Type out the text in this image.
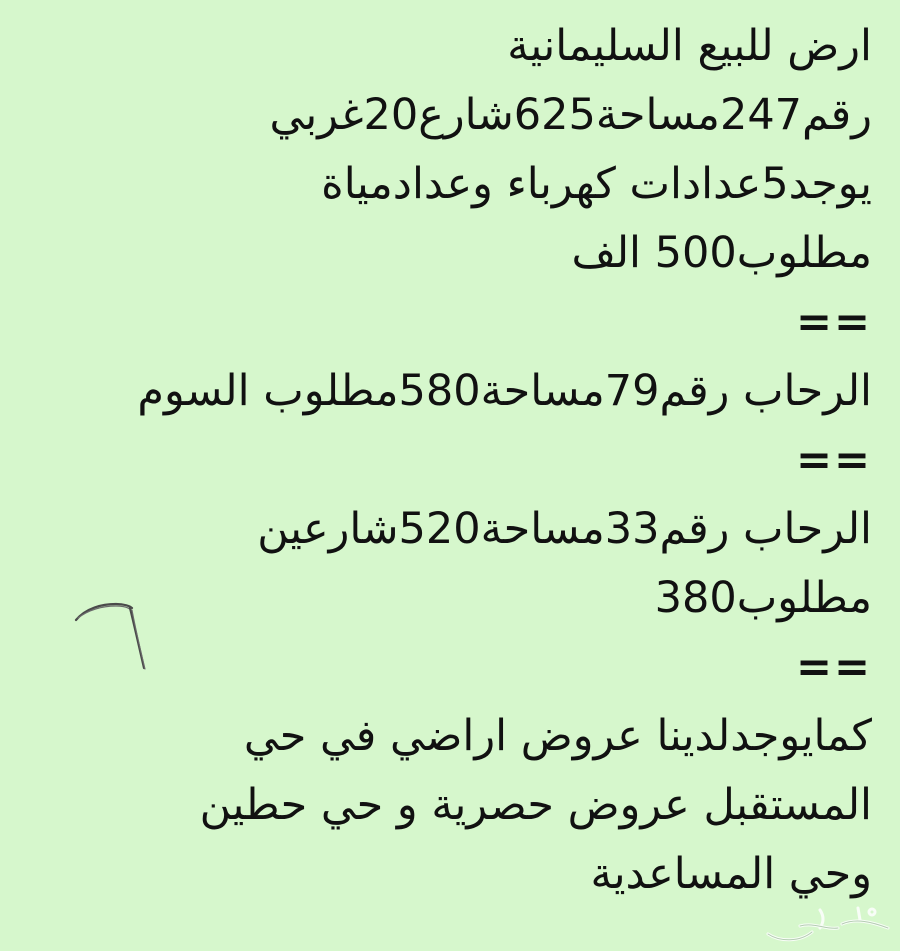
ارض للبيع السليمانية
رقم247مساحة625شارع20غربي
يوجد5عدادات كهرباء وعدادمياة
مطلوب500 الف
==
الرحاب رقم79مساحة580مطلوب السوم
==
الرحاب رقم33مساحة520شارعين
مطلوب380
==
كمايوجدلدينا عروض اراضي في حي
المستقبل عروض حصرية و حي حطين
وحي المساعدية
